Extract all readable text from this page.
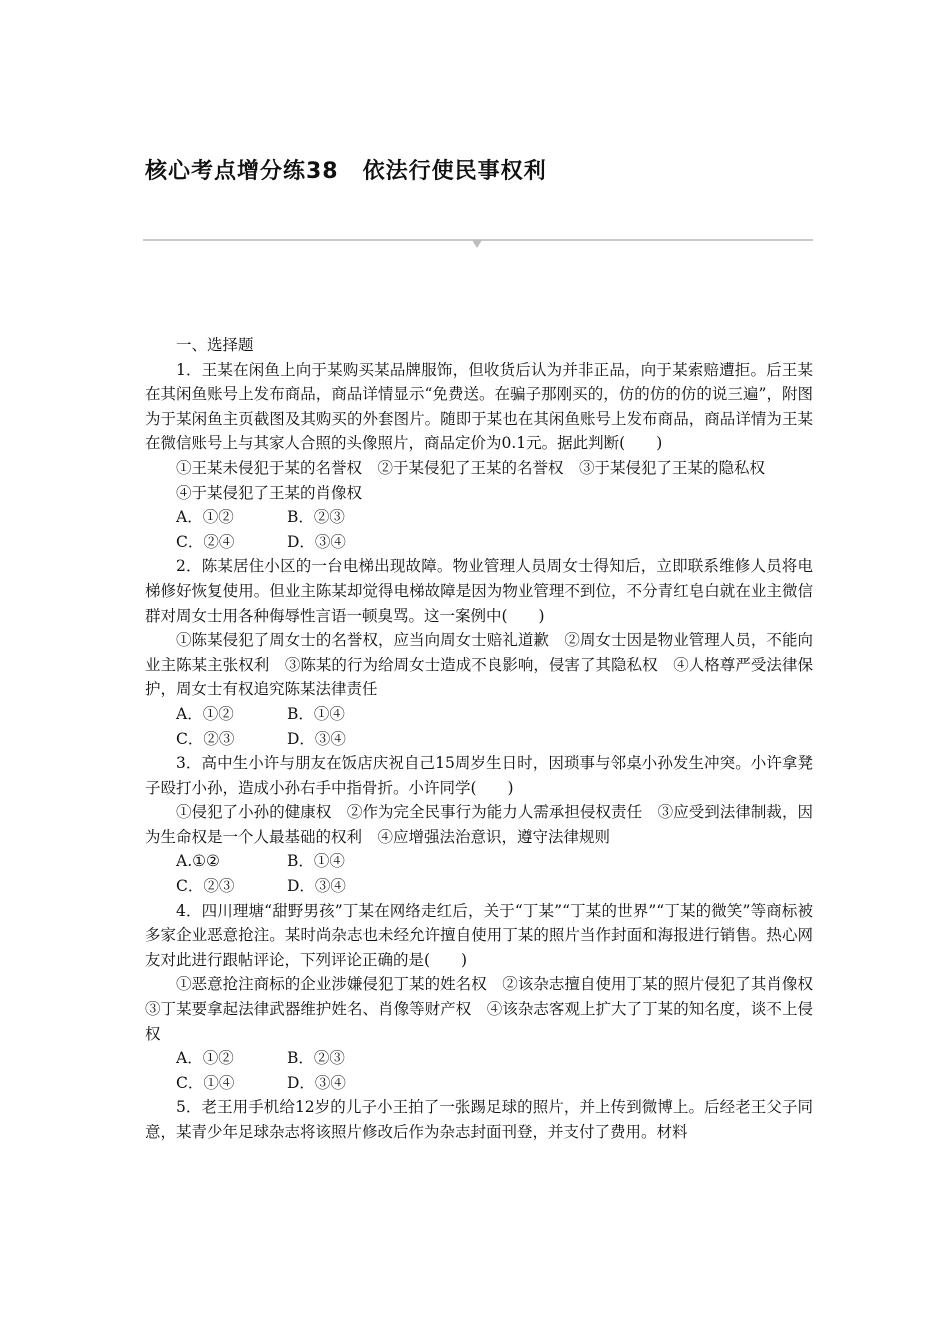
核心考点增分练38 依法行使民事权利

一、选择题

1．王某在闲鱼上向于某购买某品牌服饰，但收货后认为并非正品，向于某索赔遭拒。后王某在其闲鱼账号上发布商品，商品详情显示“免费送。在骗子那刚买的，仿的仿的仿的说三遍”，附图为于某闲鱼主页截图及其购买的外套图片。随即于某也在其闲鱼账号上发布商品，商品详情为王某在微信账号上与其家人合照的头像照片，商品定价为0.1元。据此判断(　　)

①王某未侵犯于某的名誉权　②于某侵犯了王某的名誉权　③于某侵犯了王某的隐私权

④于某侵犯了王某的肖像权

A．①②	B．②③
C．②④	D．③④

2．陈某居住小区的一台电梯出现故障。物业管理人员周女士得知后，立即联系维修人员将电梯修好恢复使用。但业主陈某却觉得电梯故障是因为物业管理不到位，不分青红皂白就在业主微信群对周女士用各种侮辱性言语一顿臭骂。这一案例中(　　)

①陈某侵犯了周女士的名誉权，应当向周女士赔礼道歉　②周女士因是物业管理人员，不能向业主陈某主张权利　③陈某的行为给周女士造成不良影响，侵害了其隐私权　④人格尊严受法律保护，周女士有权追究陈某法律责任

A．①②	B．①④
C．②③	D．③④

3．高中生小许与朋友在饭店庆祝自己15周岁生日时，因琐事与邻桌小孙发生冲突。小许拿凳子殴打小孙，造成小孙右手中指骨折。小许同学(　　)

①侵犯了小孙的健康权　②作为完全民事行为能力人需承担侵权责任　③应受到法律制裁，因为生命权是一个人最基础的权利　④应增强法治意识，遵守法律规则

A.①②	B．①④
C．②③	D．③④

4．四川理塘“甜野男孩”丁某在网络走红后，关于“丁某”“丁某的世界”“丁某的微笑”等商标被多家企业恶意抢注。某时尚杂志也未经允许擅自使用丁某的照片当作封面和海报进行销售。热心网友对此进行跟帖评论，下列评论正确的是(　　)

①恶意抢注商标的企业涉嫌侵犯丁某的姓名权　②该杂志擅自使用丁某的照片侵犯了其肖像权　③丁某要拿起法律武器维护姓名、肖像等财产权　④该杂志客观上扩大了丁某的知名度，谈不上侵权

A．①②	B．②③
C．①④	D．③④

5．老王用手机给12岁的儿子小王拍了一张踢足球的照片，并上传到微博上。后经老王父子同意，某青少年足球杂志将该照片修改后作为杂志封面刊登，并支付了费用。材料
